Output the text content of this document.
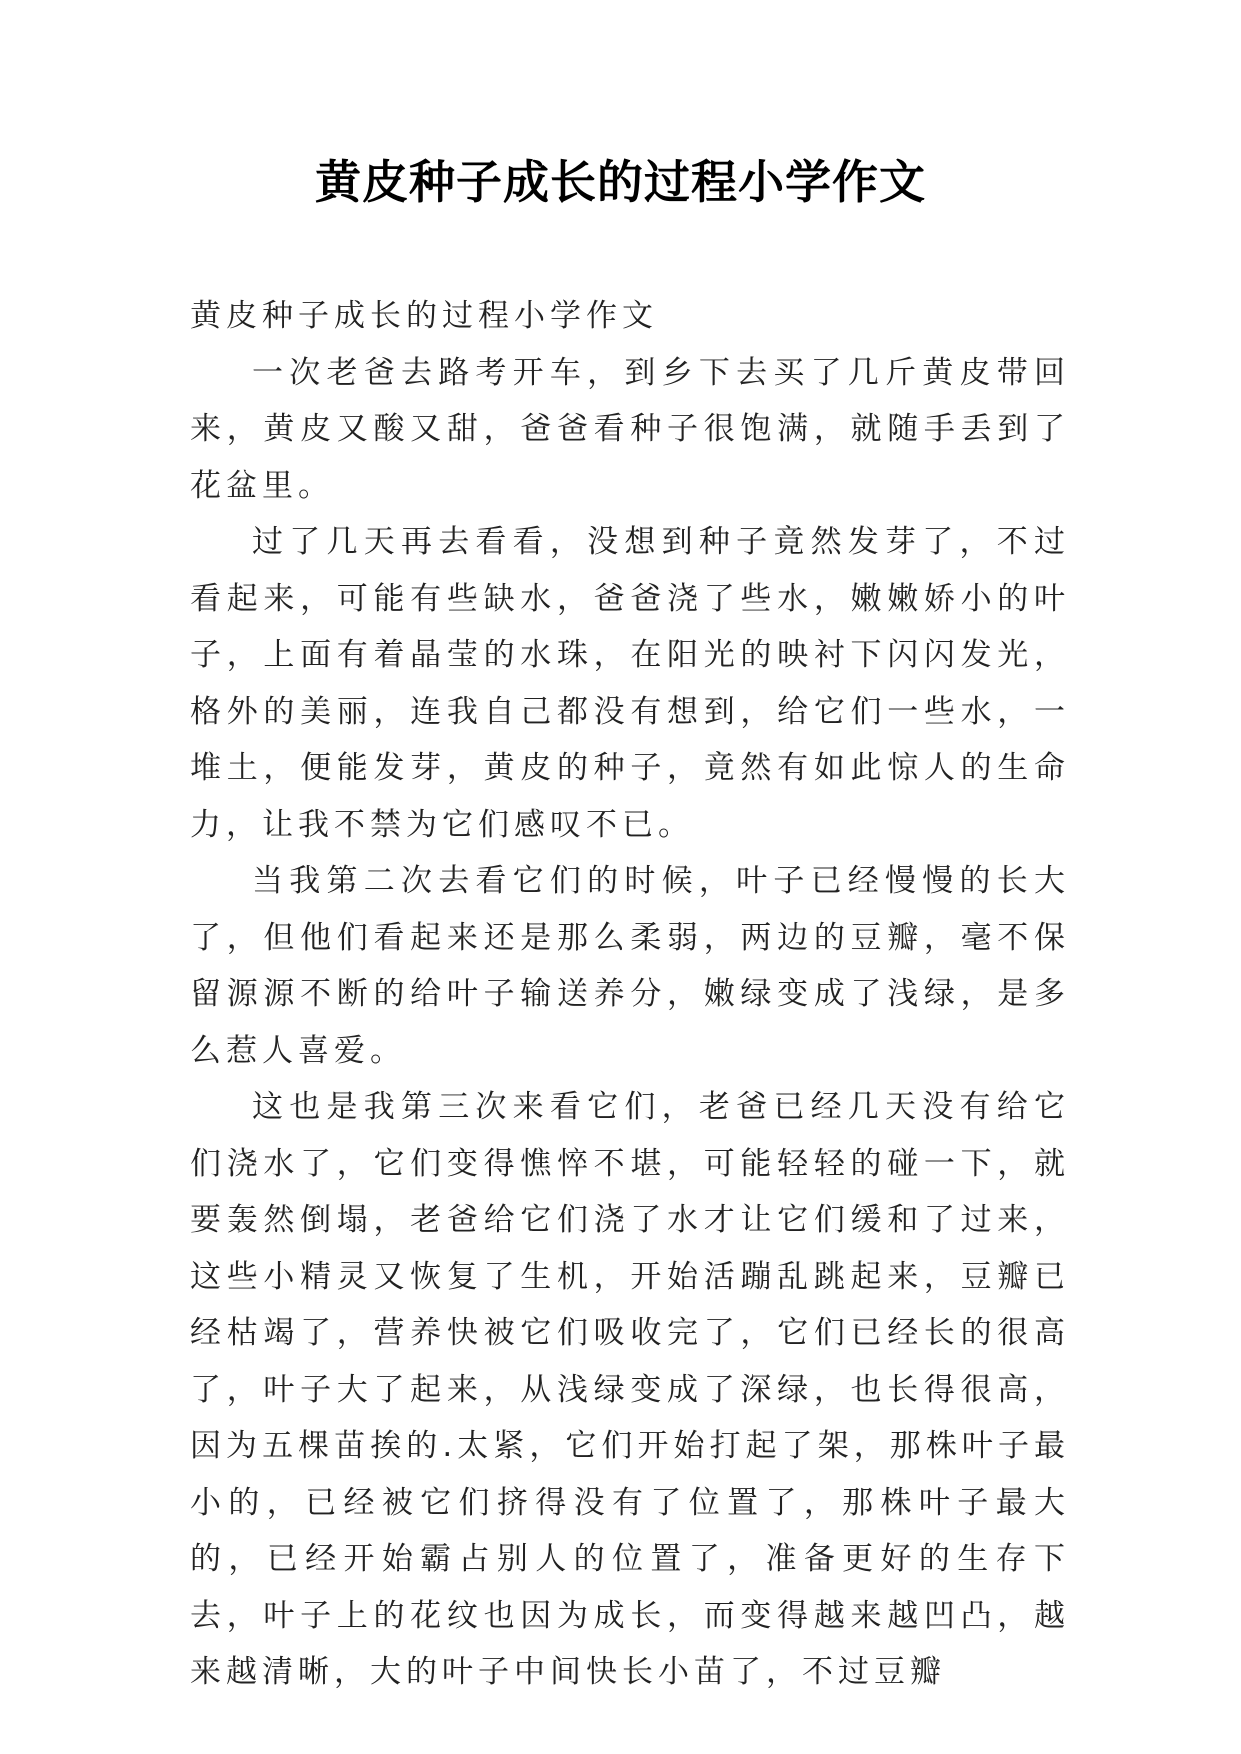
黄皮种子成长的过程小学作文

黄皮种子成长的过程小学作文

一次老爸去路考开车，到乡下去买了几斤黄皮带回来，黄皮又酸又甜，爸爸看种子很饱满，就随手丢到了花盆里。

过了几天再去看看，没想到种子竟然发芽了，不过看起来，可能有些缺水，爸爸浇了些水，嫩嫩娇小的叶子，上面有着晶莹的水珠，在阳光的映衬下闪闪发光，格外的美丽，连我自己都没有想到，给它们一些水，一堆土，便能发芽，黄皮的种子，竟然有如此惊人的生命力，让我不禁为它们感叹不已。

当我第二次去看它们的时候，叶子已经慢慢的长大了，但他们看起来还是那么柔弱，两边的豆瓣，毫不保留源源不断的给叶子输送养分，嫩绿变成了浅绿，是多么惹人喜爱。

这也是我第三次来看它们，老爸已经几天没有给它们浇水了，它们变得憔悴不堪，可能轻轻的碰一下，就要轰然倒塌，老爸给它们浇了水才让它们缓和了过来，这些小精灵又恢复了生机，开始活蹦乱跳起来，豆瓣已经枯竭了，营养快被它们吸收完了，它们已经长的很高了，叶子大了起来，从浅绿变成了深绿，也长得很高，因为五棵苗挨的.太紧，它们开始打起了架，那株叶子最小的，已经被它们挤得没有了位置了，那株叶子最大的，已经开始霸占别人的位置了，准备更好的生存下去，叶子上的花纹也因为成长，而变得越来越凹凸，越来越清晰，大的叶子中间快长小苗了，不过豆瓣
